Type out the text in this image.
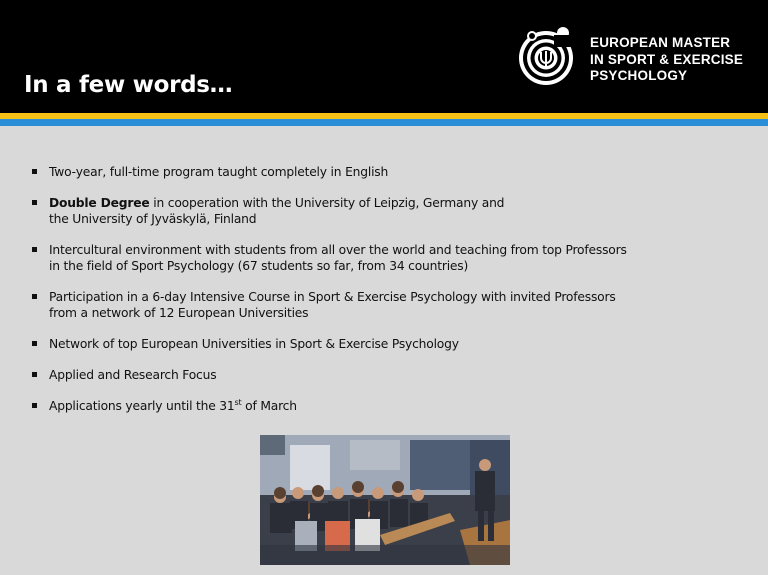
In a few words…
EUROPEAN MASTER
IN SPORT & EXERCISE
PSYCHOLOGY
Two-year, full-time program taught completely in English
Double Degree in cooperation with the University of Leipzig, Germany and
the University of Jyväskylä, Finland
Intercultural environment with students from all over the world and teaching from top Professors
in the field of Sport Psychology (67 students so far, from 34 countries)
Participation in a 6-day Intensive Course in Sport & Exercise Psychology with invited Professors
from a network of 12 European Universities
Network of top European Universities in Sport & Exercise Psychology
Applied and Research Focus
Applications yearly until the 31st of March
